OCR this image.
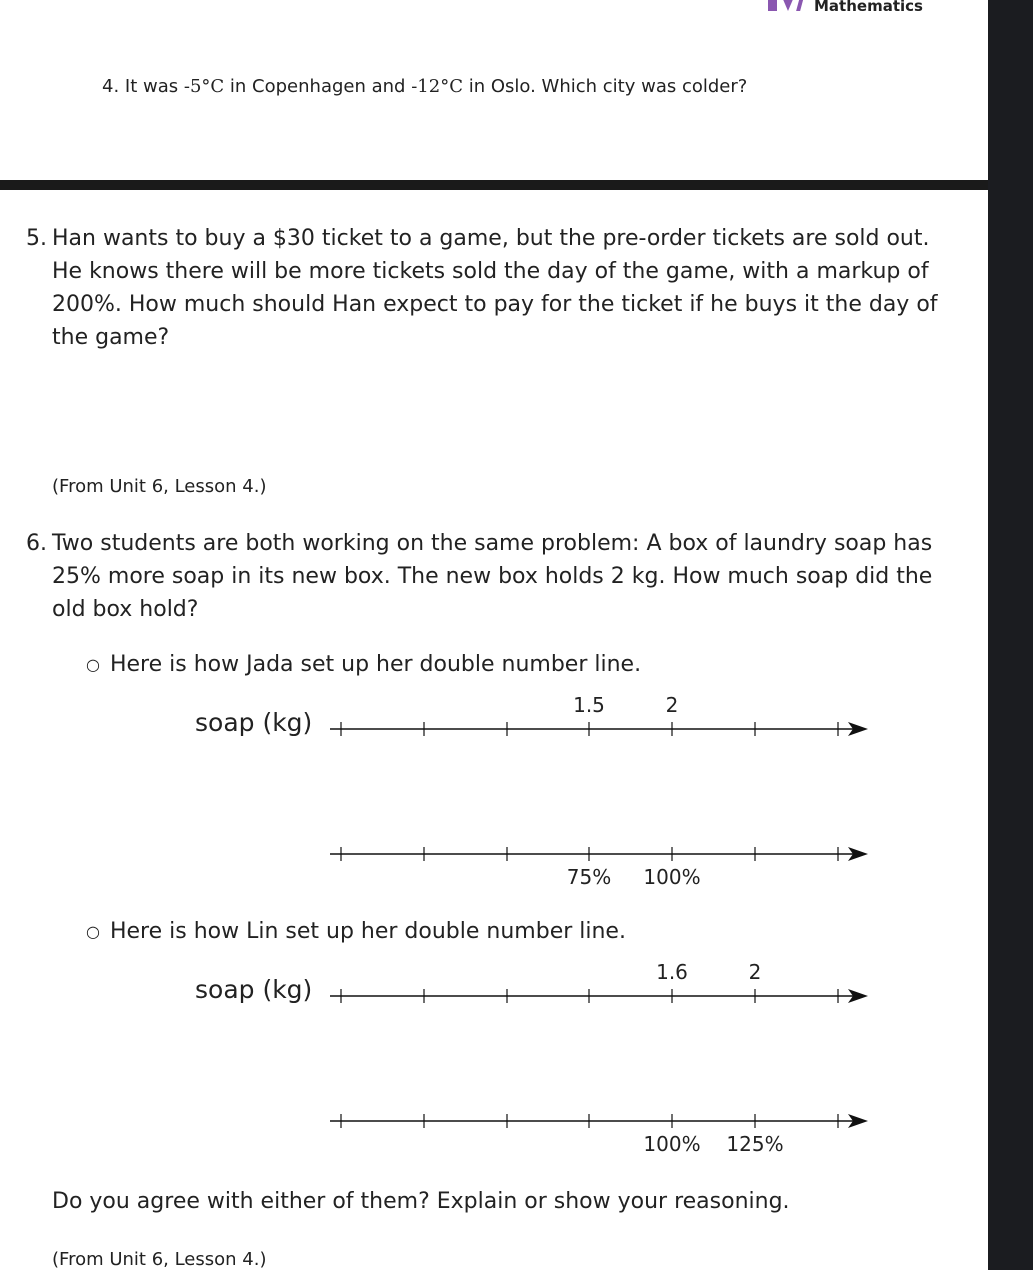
Mathematics
4. It was -5°C in Copenhagen and -12°C in Oslo. Which city was colder?
5. Han wants to buy a $30 ticket to a game, but the pre-order tickets are sold out. He knows there will be more tickets sold the day of the game, with a markup of 200%. How much should Han expect to pay for the ticket if he buys it the day of the game?
(From Unit 6, Lesson 4.)
6. Two students are both working on the same problem: A box of laundry soap has 25% more soap in its new box. The new box holds 2 kg. How much soap did the old box hold?
○ Here is how Jada set up her double number line.
soap (kg)
1.5	2
75% 100%
○ Here is how Lin set up her double number line.
soap (kg)
1.6	2
100% 125%
Do you agree with either of them? Explain or show your reasoning.
(From Unit 6, Lesson 4.)
